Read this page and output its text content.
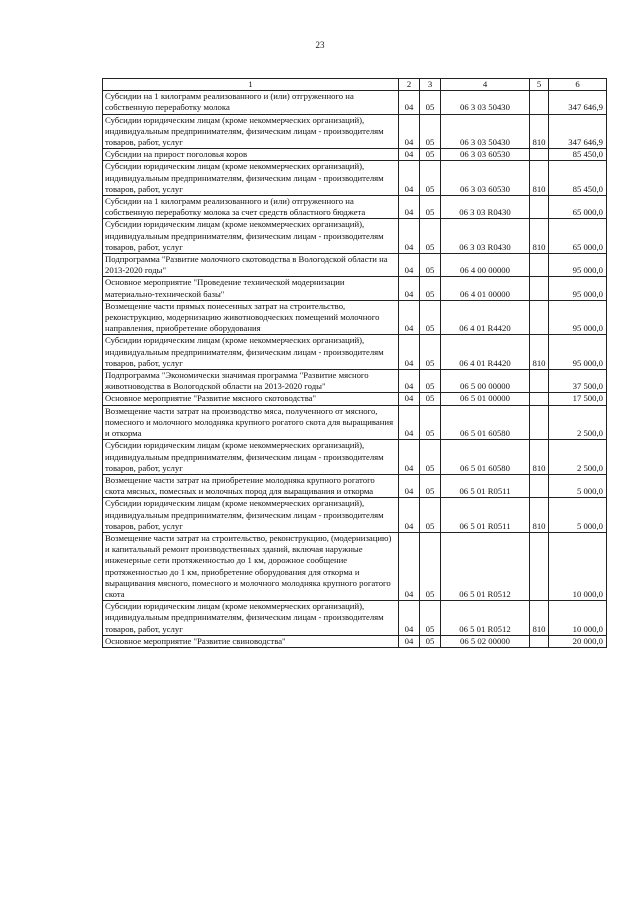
23
1	2	3	4	5	6
Субсидии на 1 килограмм реализованного и (или) отгруженного на собственную переработку молока	04	05	06 3 03 50430		347 646,9
Субсидии юридическим лицам (кроме некоммерческих организаций), индивидуальным предпринимателям, физическим лицам - производителям товаров, работ, услуг	04	05	06 3 03 50430	810	347 646,9
Субсидии на прирост поголовья коров	04	05	06 3 03 60530		85 450,0
Субсидии юридическим лицам (кроме некоммерческих организаций), индивидуальным предпринимателям, физическим лицам - производителям товаров, работ, услуг	04	05	06 3 03 60530	810	85 450,0
Субсидии на 1 килограмм реализованного и (или) отгруженного на собственную переработку молока за счет средств областного бюджета	04	05	06 3 03 R0430		65 000,0
Субсидии юридическим лицам (кроме некоммерческих организаций), индивидуальным предпринимателям, физическим лицам - производителям товаров, работ, услуг	04	05	06 3 03 R0430	810	65 000,0
Подпрограмма "Развитие молочного скотоводства в Вологодской области на 2013-2020 годы"	04	05	06 4 00 00000		95 000,0
Основное мероприятие "Проведение технической модернизации материально-технической базы"	04	05	06 4 01 00000		95 000,0
Возмещение части прямых понесенных затрат на строительство, реконструкцию, модернизацию животноводческих помещений молочного направления, приобретение оборудования	04	05	06 4 01 R4420		95 000,0
Субсидии юридическим лицам (кроме некоммерческих организаций), индивидуальным предпринимателям, физическим лицам - производителям товаров, работ, услуг	04	05	06 4 01 R4420	810	95 000,0
Подпрограмма "Экономически значимая программа "Развитие мясного животноводства в Вологодской области на 2013-2020 годы"	04	05	06 5 00 00000		37 500,0
Основное мероприятие "Развитие мясного скотоводства"	04	05	06 5 01 00000		17 500,0
Возмещение части затрат на производство мяса, полученного от мясного, помесного и молочного молодняка крупного рогатого скота для выращивания и откорма	04	05	06 5 01 60580		2 500,0
Субсидии юридическим лицам (кроме некоммерческих организаций), индивидуальным предпринимателям, физическим лицам - производителям товаров, работ, услуг	04	05	06 5 01 60580	810	2 500,0
Возмещение части затрат на приобретение молодняка крупного рогатого скота мясных, помесных и молочных пород для выращивания и откорма	04	05	06 5 01 R0511		5 000,0
Субсидии юридическим лицам (кроме некоммерческих организаций), индивидуальным предпринимателям, физическим лицам - производителям товаров, работ, услуг	04	05	06 5 01 R0511	810	5 000,0
Возмещение части затрат на строительство, реконструкцию, (модернизацию) и капитальный ремонт производственных зданий, включая наружные инженерные сети протяженностью до 1 км, дорожное сообщение протяженностью до 1 км, приобретение оборудования для откорма и выращивания мясного, помесного и молочного молодняка крупного рогатого скота	04	05	06 5 01 R0512		10 000,0
Субсидии юридическим лицам (кроме некоммерческих организаций), индивидуальным предпринимателям, физическим лицам - производителям товаров, работ, услуг	04	05	06 5 01 R0512	810	10 000,0
Основное мероприятие "Развитие свиноводства"	04	05	06 5 02 00000		20 000,0
